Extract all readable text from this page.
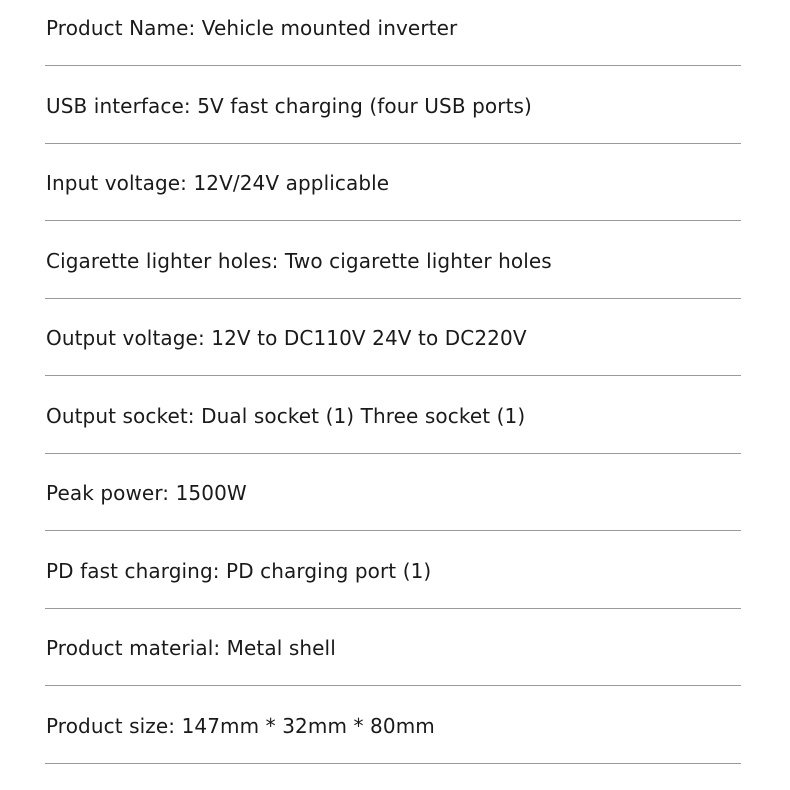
Product Name: Vehicle mounted inverter
USB interface: 5V fast charging (four USB ports)
Input voltage: 12V/24V applicable
Cigarette lighter holes: Two cigarette lighter holes
Output voltage: 12V to DC110V 24V to DC220V
Output socket: Dual socket (1) Three socket (1)
Peak power: 1500W
PD fast charging: PD charging port (1)
Product material: Metal shell
Product size: 147mm * 32mm * 80mm
